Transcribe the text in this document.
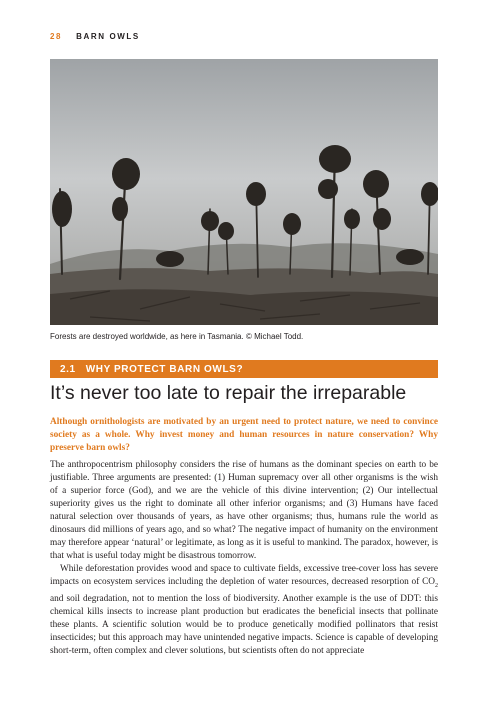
28 BARN OWLS
Forests are destroyed worldwide, as here in Tasmania. © Michael Todd.
2.1 WHY PROTECT BARN OWLS?
It’s never too late to repair the irreparable
Although ornithologists are motivated by an urgent need to protect nature, we need to convince society as a whole. Why invest money and human resources in nature conservation? Why preserve barn owls?

The anthropocentrism philosophy considers the rise of humans as the dominant species on earth to be justifiable. Three arguments are presented: (1) Human supremacy over all other organisms is the wish of a superior force (God), and we are the vehicle of this divine intervention; (2) Our intellectual superiority gives us the right to dominate all other inferior organisms; and (3) Humans have faced natural selection over thousands of years, as have other organisms; thus, humans rule the world as dinosaurs did millions of years ago, and so what? The negative impact of humanity on the environment may therefore appear ‘natural’ or legitimate, as long as it is useful to mankind. The paradox, however, is that what is useful today might be disastrous tomorrow.

While deforestation provides wood and space to cultivate fields, excessive tree-cover loss has severe impacts on ecosystem services including the depletion of water resources, decreased resorption of $CO_2$ and soil degradation, not to mention the loss of biodiversity. Another example is the use of DDT: this chemical kills insects to increase plant production but eradicates the beneficial insects that pollinate these plants. A scientific solution would be to produce genetically modified pollinators that resist insecticides; but this approach may have unintended negative impacts. Science is capable of developing short-term, often complex and clever solutions, but scientists often do not appreciate
